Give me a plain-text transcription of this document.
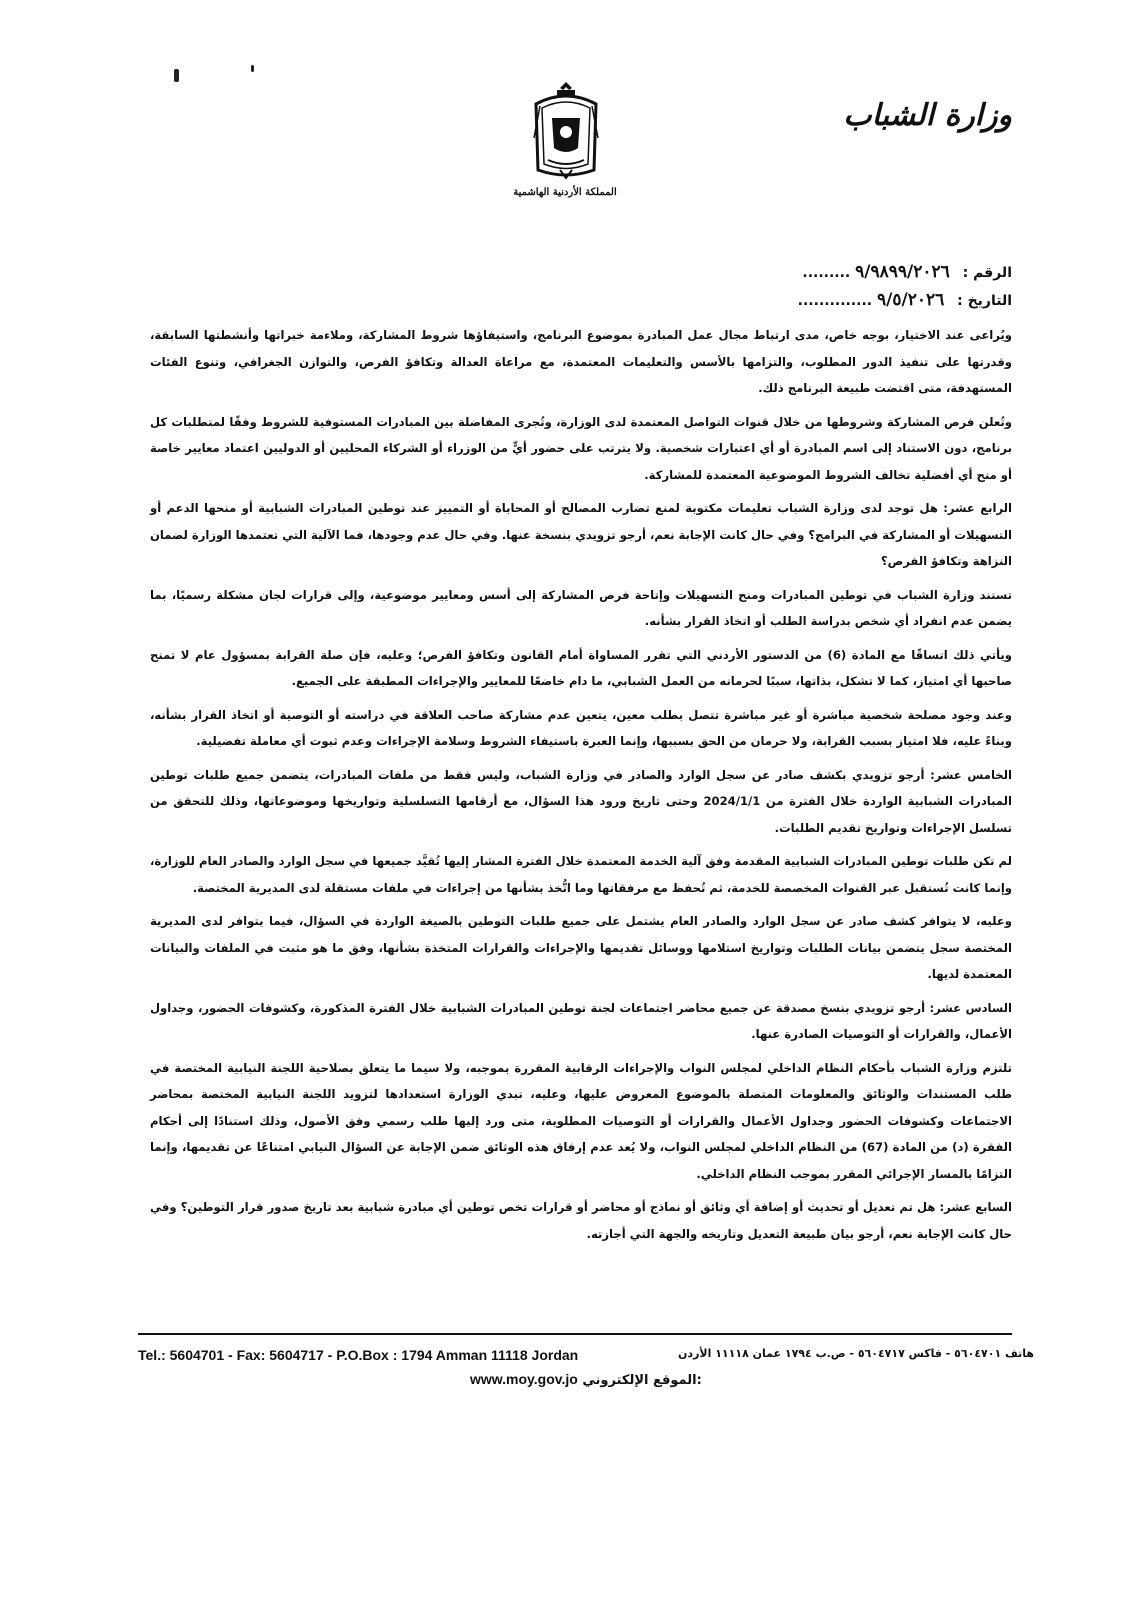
المملكة الأردنية الهاشمية
وزارة الشباب
الرقم : ٩/٩٨٩٩/٢٠٢٦ .........
التاريخ : ٩/٥/٢٠٢٦ ..............

ويُراعى عند الاختيار، بوجه خاص، مدى ارتباط مجال عمل المبادرة بموضوع البرنامج، واستيفاؤها شروط المشاركة، وملاءمة خبراتها وأنشطتها السابقة، وقدرتها على تنفيذ الدور المطلوب، والتزامها بالأسس والتعليمات المعتمدة، مع مراعاة العدالة وتكافؤ الفرص، والتوازن الجغرافي، وتنوع الفئات المستهدفة، متى اقتضت طبيعة البرنامج ذلك.

وتُعلن فرص المشاركة وشروطها من خلال قنوات التواصل المعتمدة لدى الوزارة، وتُجرى المفاضلة بين المبادرات المستوفية للشروط وفقًا لمتطلبات كل برنامج، دون الاستناد إلى اسم المبادرة أو أي اعتبارات شخصية. ولا يترتب على حضور أيٍّ من الوزراء أو الشركاء المحليين أو الدوليين اعتماد معايير خاصة أو منح أي أفضلية تخالف الشروط الموضوعية المعتمدة للمشاركة.

الرابع عشر: هل توجد لدى وزارة الشباب تعليمات مكتوبة لمنع تضارب المصالح أو المحاباة أو التمييز عند توطين المبادرات الشبابية أو منحها الدعم أو التسهيلات أو المشاركة في البرامج؟ وفي حال كانت الإجابة نعم، أرجو تزويدي بنسخة عنها. وفي حال عدم وجودها، فما الآلية التي تعتمدها الوزارة لضمان النزاهة وتكافؤ الفرص؟

تستند وزارة الشباب في توطين المبادرات ومنح التسهيلات وإتاحة فرص المشاركة إلى أسس ومعايير موضوعية، وإلى قرارات لجان مشكلة رسميًا، بما يضمن عدم انفراد أي شخص بدراسة الطلب أو اتخاذ القرار بشأنه.

ويأتي ذلك اتساقًا مع المادة (6) من الدستور الأردني التي تقرر المساواة أمام القانون وتكافؤ الفرص؛ وعليه، فإن صلة القرابة بمسؤول عام لا تمنح صاحبها أي امتياز، كما لا تشكل، بذاتها، سببًا لحرمانه من العمل الشبابي، ما دام خاضعًا للمعايير والإجراءات المطبقة على الجميع.

وعند وجود مصلحة شخصية مباشرة أو غير مباشرة تتصل بطلب معين، يتعين عدم مشاركة صاحب العلاقة في دراسته أو التوصية أو اتخاذ القرار بشأنه، وبناءً عليه، فلا امتياز بسبب القرابة، ولا حرمان من الحق بسببها، وإنما العبرة باستيفاء الشروط وسلامة الإجراءات وعدم ثبوت أي معاملة تفضيلية.

الخامس عشر: أرجو تزويدي بكشف صادر عن سجل الوارد والصادر في وزارة الشباب، وليس فقط من ملفات المبادرات، يتضمن جميع طلبات توطين المبادرات الشبابية الواردة خلال الفترة من 2024/1/1 وحتى تاريخ ورود هذا السؤال، مع أرقامها التسلسلية وتواريخها وموضوعاتها، وذلك للتحقق من تسلسل الإجراءات وتواريخ تقديم الطلبات.

لم تكن طلبات توطين المبادرات الشبابية المقدمة وفق آلية الخدمة المعتمدة خلال الفترة المشار إليها تُقيَّد جميعها في سجل الوارد والصادر العام للوزارة، وإنما كانت تُستقبل عبر القنوات المخصصة للخدمة، ثم تُحفظ مع مرفقاتها وما اتُّخذ بشأنها من إجراءات في ملفات مستقلة لدى المديرية المختصة.

وعليه، لا يتوافر كشف صادر عن سجل الوارد والصادر العام يشتمل على جميع طلبات التوطين بالصيغة الواردة في السؤال، فيما يتوافر لدى المديرية المختصة سجل يتضمن بيانات الطلبات وتواريخ استلامها ووسائل تقديمها والإجراءات والقرارات المتخذة بشأنها، وفق ما هو مثبت في الملفات والبيانات المعتمدة لديها.

السادس عشر: أرجو تزويدي بنسخ مصدقة عن جميع محاضر اجتماعات لجنة توطين المبادرات الشبابية خلال الفترة المذكورة، وكشوفات الحضور، وجداول الأعمال، والقرارات أو التوصيات الصادرة عنها.

تلتزم وزارة الشباب بأحكام النظام الداخلي لمجلس النواب والإجراءات الرقابية المقررة بموجبه، ولا سيما ما يتعلق بصلاحية اللجنة النيابية المختصة في طلب المستندات والوثائق والمعلومات المتصلة بالموضوع المعروض عليها، وعليه، تبدي الوزارة استعدادها لتزويد اللجنة النيابية المختصة بمحاضر الاجتماعات وكشوفات الحضور وجداول الأعمال والقرارات أو التوصيات المطلوبة، متى ورد إليها طلب رسمي وفق الأصول، وذلك استنادًا إلى أحكام الفقرة (د) من المادة (67) من النظام الداخلي لمجلس النواب، ولا يُعد عدم إرفاق هذه الوثائق ضمن الإجابة عن السؤال النيابي امتناعًا عن تقديمها، وإنما التزامًا بالمسار الإجرائي المقرر بموجب النظام الداخلي.

السابع عشر: هل تم تعديل أو تحديث أو إضافة أي وثائق أو نماذج أو محاضر أو قرارات تخص توطين أي مبادرة شبابية بعد تاريخ صدور قرار التوطين؟ وفي حال كانت الإجابة نعم، أرجو بيان طبيعة التعديل وتاريخه والجهة التي أجازته.

Tel.: 5604701 - Fax: 5604717 - P.O.Box : 1794 Amman 11118 Jordan	هاتف ٥٦٠٤٧٠١ - فاكس ٥٦٠٤٧١٧ - ص.ب ١٧٩٤ عمان ١١١١٨ الأردن
www.moy.gov.jo الموقع الإلكتروني:
